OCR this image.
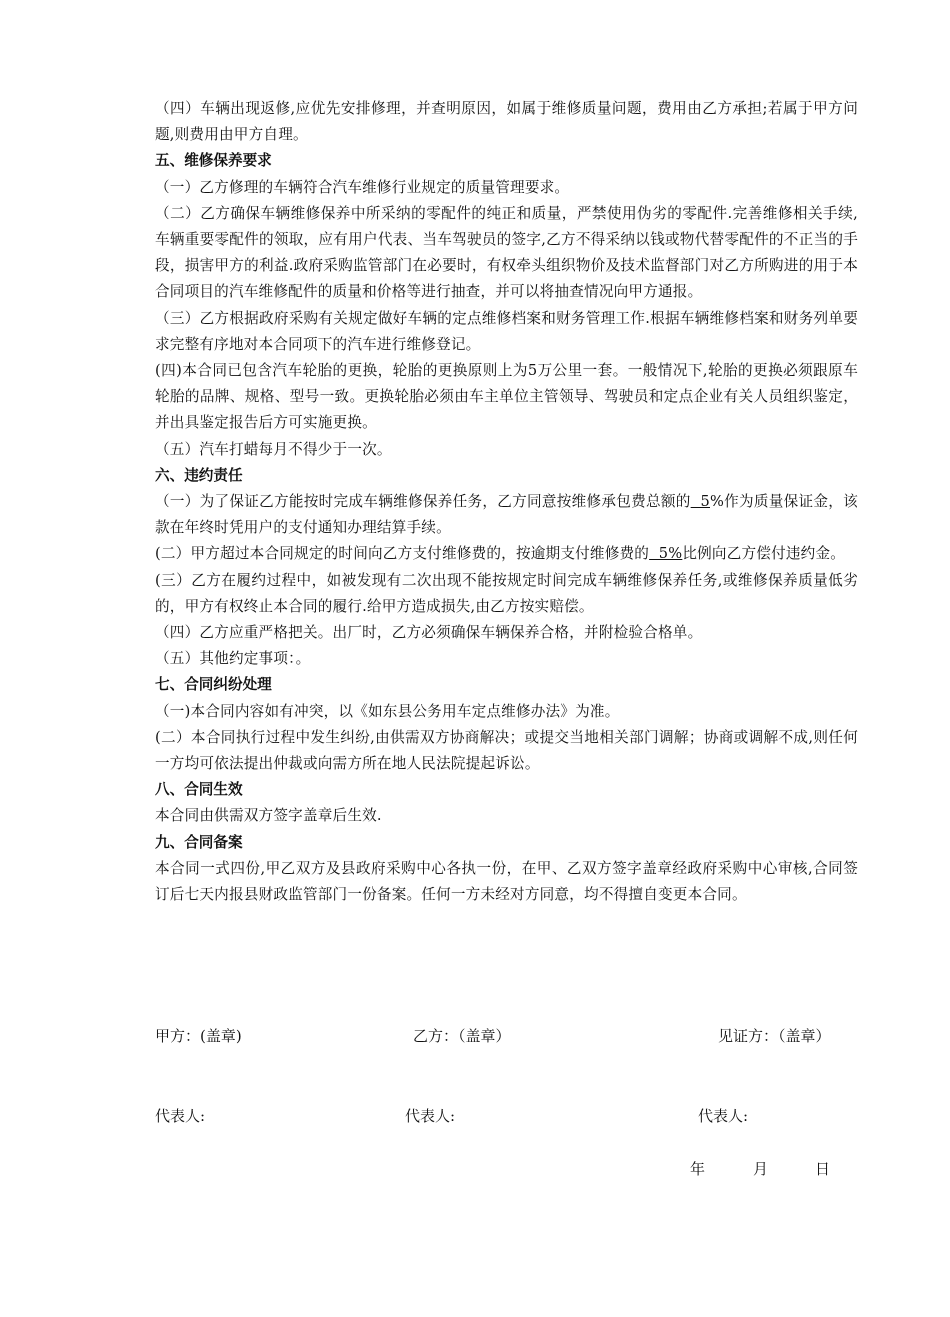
（四）车辆出现返修,应优先安排修理，并查明原因，如属于维修质量问题，费用由乙方承担;若属于甲方问题,则费用由甲方自理。

五、维修保养要求

（一）乙方修理的车辆符合汽车维修行业规定的质量管理要求。

（二）乙方确保车辆维修保养中所采纳的零配件的纯正和质量，严禁使用伪劣的零配件.完善维修相关手续,车辆重要零配件的领取，应有用户代表、当车驾驶员的签字,乙方不得采纳以钱或物代替零配件的不正当的手段，损害甲方的利益.政府采购监管部门在必要时，有权牵头组织物价及技术监督部门对乙方所购进的用于本合同项目的汽车维修配件的质量和价格等进行抽查，并可以将抽查情况向甲方通报。

（三）乙方根据政府采购有关规定做好车辆的定点维修档案和财务管理工作.根据车辆维修档案和财务列单要求完整有序地对本合同项下的汽车进行维修登记。

(四)本合同已包含汽车轮胎的更换，轮胎的更换原则上为5万公里一套。一般情况下,轮胎的更换必须跟原车轮胎的品牌、规格、型号一致。更换轮胎必须由车主单位主管领导、驾驶员和定点企业有关人员组织鉴定，并出具鉴定报告后方可实施更换。

（五）汽车打蜡每月不得少于一次。

六、违约责任

（一）为了保证乙方能按时完成车辆维修保养任务，乙方同意按维修承包费总额的  5%作为质量保证金，该款在年终时凭用户的支付通知办理结算手续。

(二）甲方超过本合同规定的时间向乙方支付维修费的，按逾期支付维修费的  5%比例向乙方偿付违约金。

(三）乙方在履约过程中，如被发现有二次出现不能按规定时间完成车辆维修保养任务,或维修保养质量低劣的，甲方有权终止本合同的履行.给甲方造成损失,由乙方按实赔偿。

（四）乙方应重严格把关。出厂时，乙方必须确保车辆保养合格，并附检验合格单。

（五）其他约定事项：。

七、合同纠纷处理

（一)本合同内容如有冲突，以《如东县公务用车定点维修办法》为准。

(二）本合同执行过程中发生纠纷,由供需双方协商解决；或提交当地相关部门调解；协商或调解不成,则任何一方均可依法提出仲裁或向需方所在地人民法院提起诉讼。

八、合同生效

本合同由供需双方签字盖章后生效.

九、合同备案

本合同一式四份,甲乙双方及县政府采购中心各执一份，在甲、乙双方签字盖章经政府采购中心审核,合同签订后七天内报县财政监管部门一份备案。任何一方未经对方同意，均不得擅自变更本合同。

甲方：(盖章)	乙方：（盖章）	见证方：（盖章）
代表人:	代表人:	代表人:
年	月	日
